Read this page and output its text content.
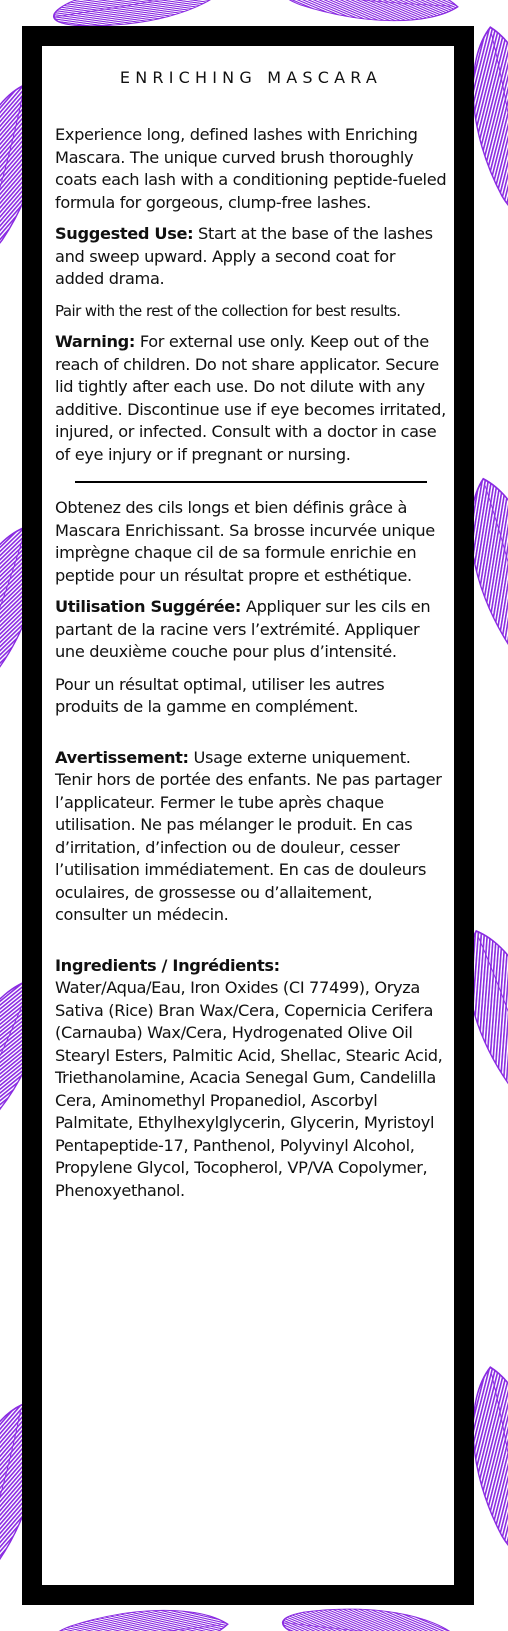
ENRICHING MASCARA

Experience long, defined lashes with Enriching Mascara. The unique curved brush thoroughly coats each lash with a conditioning peptide-fueled formula for gorgeous, clump-free lashes.

Suggested Use: Start at the base of the lashes and sweep upward. Apply a second coat for added drama.

Pair with the rest of the collection for best results.

Warning: For external use only. Keep out of the reach of children. Do not share applicator. Secure lid tightly after each use. Do not dilute with any additive. Discontinue use if eye becomes irritated, injured, or infected. Consult with a doctor in case of eye injury or if pregnant or nursing.

Obtenez des cils longs et bien définis grâce à Mascara Enrichissant. Sa brosse incurvée unique imprègne chaque cil de sa formule enrichie en peptide pour un résultat propre et esthétique.

Utilisation Suggérée: Appliquer sur les cils en partant de la racine vers l’extrémité. Appliquer une deuxième couche pour plus d’intensité.

Pour un résultat optimal, utiliser les autres produits de la gamme en complément.

Avertissement: Usage externe uniquement. Tenir hors de portée des enfants. Ne pas partager l’applicateur. Fermer le tube après chaque utilisation. Ne pas mélanger le produit. En cas d’irritation, d’infection ou de douleur, cesser l’utilisation immédiatement. En cas de douleurs oculaires, de grossesse ou d’allaitement, consulter un médecin.

Ingredients / Ingrédients:

Water/Aqua/Eau, Iron Oxides (CI 77499), Oryza Sativa (Rice) Bran Wax/Cera, Copernicia Cerifera (Carnauba) Wax/Cera, Hydrogenated Olive Oil Stearyl Esters, Palmitic Acid, Shellac, Stearic Acid, Triethanolamine, Acacia Senegal Gum, Candelilla Cera, Aminomethyl Propanediol, Ascorbyl Palmitate, Ethylhexylglycerin, Glycerin, Myristoyl Pentapeptide-17, Panthenol, Polyvinyl Alcohol, Propylene Glycol, Tocopherol, VP/VA Copolymer, Phenoxyethanol.
